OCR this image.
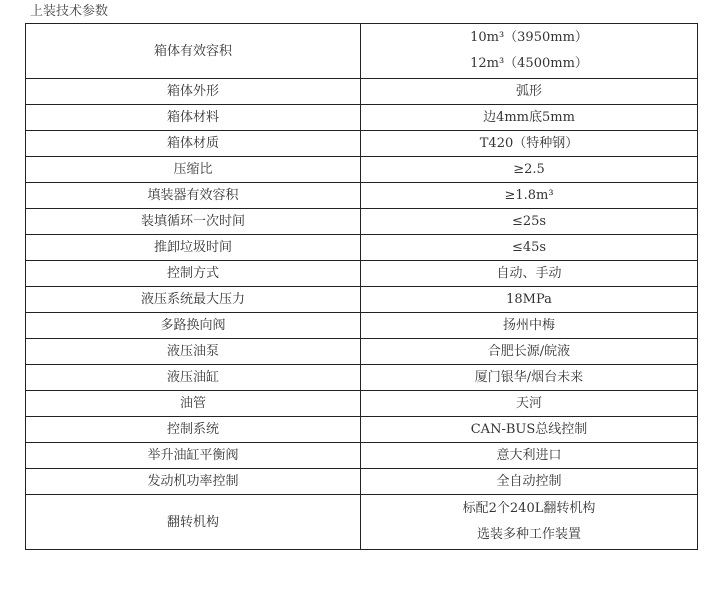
上装技术参数
箱体有效容积	10m³（3950mm）
12m³（4500mm）

箱体外形	弧形
箱体材料	边4mm底5mm
箱体材质	T420（特种钢）
压缩比	≥2.5
填装器有效容积	≥1.8m³
装填循环一次时间	≤25s
推卸垃圾时间	≤45s
控制方式	自动、手动
液压系统最大压力	18MPa
多路换向阀	扬州中梅
液压油泵	合肥长源/皖液
液压油缸	厦门银华/烟台未来
油管	天河
控制系统	CAN-BUS总线控制
举升油缸平衡阀	意大利进口
发动机功率控制	全自动控制
翻转机构	标配2个240L翻转机构
选装多种工作装置
